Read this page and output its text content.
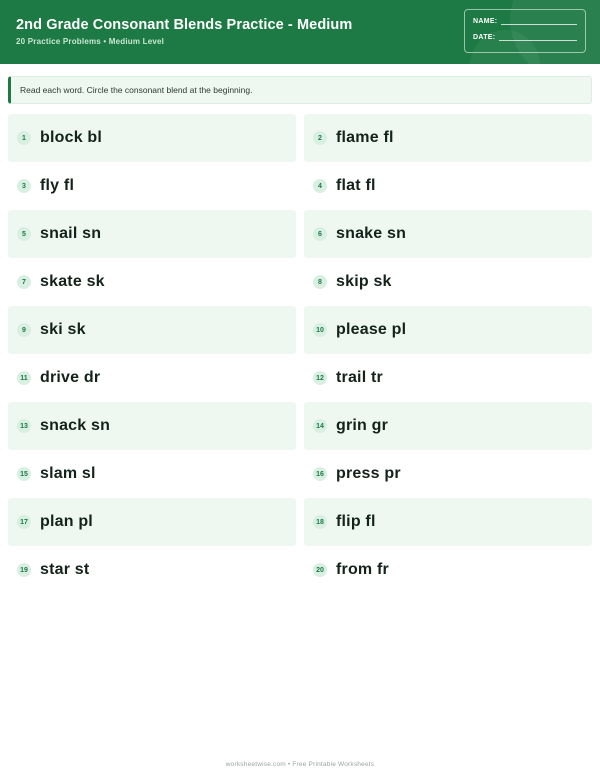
2nd Grade Consonant Blends Practice - Medium
20 Practice Problems • Medium Level
NAME:
DATE:
Read each word. Circle the consonant blend at the beginning.
1 block bl	2 flame fl
3 fly fl	4 flat fl
5 snail sn	6 snake sn
7 skate sk	8 skip sk
9 ski sk	10 please pl
11 drive dr	12 trail tr
13 snack sn	14 grin gr
15 slam sl	16 press pr
17 plan pl	18 flip fl
19 star st	20 from fr
worksheetwise.com • Free Printable Worksheets
